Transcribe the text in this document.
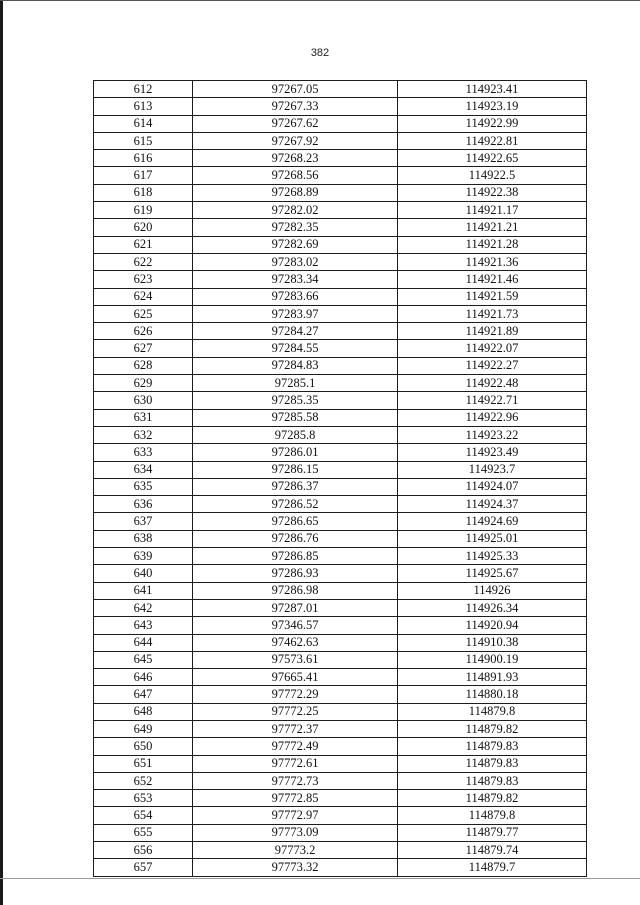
382
612	97267.05	114923.41
613	97267.33	114923.19
614	97267.62	114922.99
615	97267.92	114922.81
616	97268.23	114922.65
617	97268.56	114922.5
618	97268.89	114922.38
619	97282.02	114921.17
620	97282.35	114921.21
621	97282.69	114921.28
622	97283.02	114921.36
623	97283.34	114921.46
624	97283.66	114921.59
625	97283.97	114921.73
626	97284.27	114921.89
627	97284.55	114922.07
628	97284.83	114922.27
629	97285.1	114922.48
630	97285.35	114922.71
631	97285.58	114922.96
632	97285.8	114923.22
633	97286.01	114923.49
634	97286.15	114923.7
635	97286.37	114924.07
636	97286.52	114924.37
637	97286.65	114924.69
638	97286.76	114925.01
639	97286.85	114925.33
640	97286.93	114925.67
641	97286.98	114926
642	97287.01	114926.34
643	97346.57	114920.94
644	97462.63	114910.38
645	97573.61	114900.19
646	97665.41	114891.93
647	97772.29	114880.18
648	97772.25	114879.8
649	97772.37	114879.82
650	97772.49	114879.83
651	97772.61	114879.83
652	97772.73	114879.83
653	97772.85	114879.82
654	97772.97	114879.8
655	97773.09	114879.77
656	97773.2	114879.74
657	97773.32	114879.7
